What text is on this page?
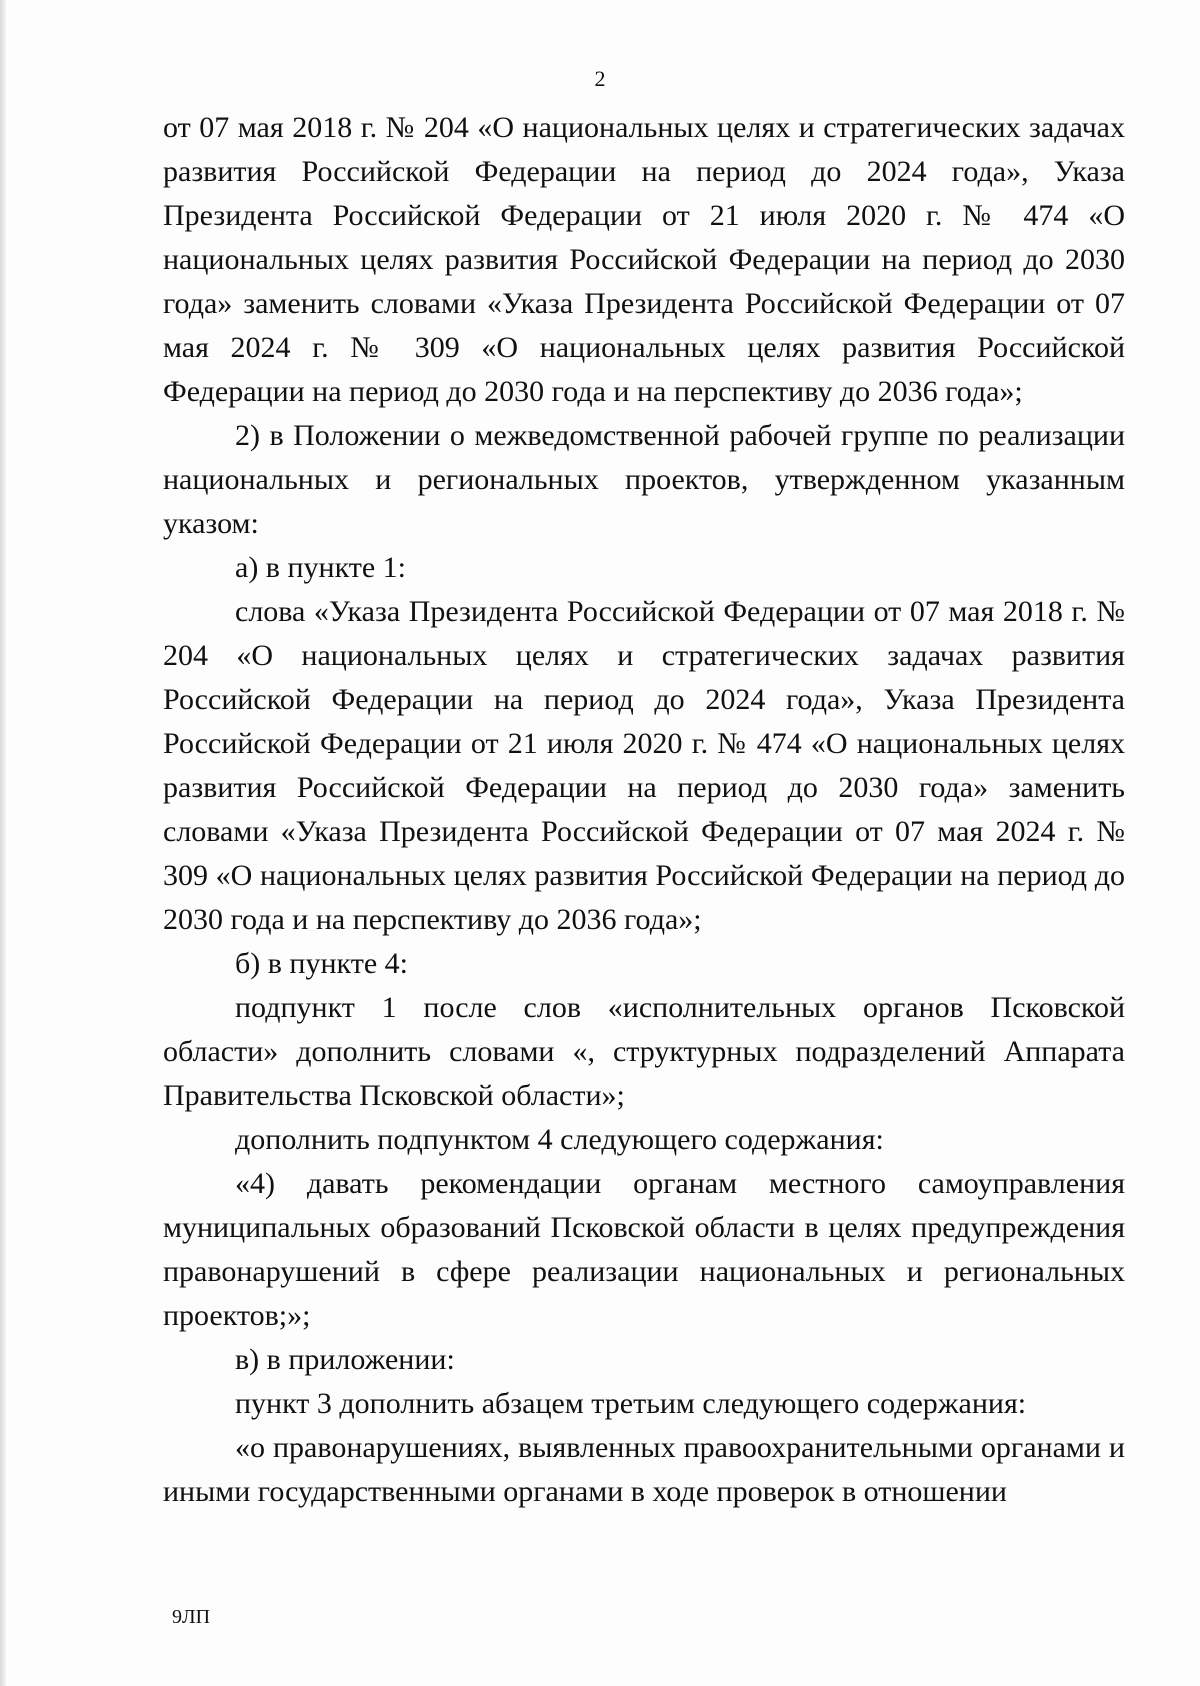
2

от 07 мая 2018 г. № 204 «О национальных целях и стратегических задачах развития Российской Федерации на период до 2024 года», Указа Президента Российской Федерации от 21 июля 2020 г. № 474 «О национальных целях развития Российской Федерации на период до 2030 года» заменить словами «Указа Президента Российской Федерации от 07 мая 2024 г. № 309 «О национальных целях развития Российской Федерации на период до 2030 года и на перспективу до 2036 года»;

2) в Положении о межведомственной рабочей группе по реализации национальных и региональных проектов, утвержденном указанным указом:

а) в пункте 1:

слова «Указа Президента Российской Федерации от 07 мая 2018 г. № 204 «О национальных целях и стратегических задачах развития Российской Федерации на период до 2024 года», Указа Президента Российской Федерации от 21 июля 2020 г. № 474 «О национальных целях развития Российской Федерации на период до 2030 года» заменить словами «Указа Президента Российской Федерации от 07 мая 2024 г. № 309 «О национальных целях развития Российской Федерации на период до 2030 года и на перспективу до 2036 года»;

б) в пункте 4:

подпункт 1 после слов «исполнительных органов Псковской области» дополнить словами «, структурных подразделений Аппарата Правительства Псковской области»;

дополнить подпунктом 4 следующего содержания:

«4) давать рекомендации органам местного самоуправления муниципальных образований Псковской области в целях предупреждения правонарушений в сфере реализации национальных и региональных проектов;»;

в) в приложении:

пункт 3 дополнить абзацем третьим следующего содержания:

«о правонарушениях, выявленных правоохранительными органами и иными государственными органами в ходе проверок в отношении

9ЛП
